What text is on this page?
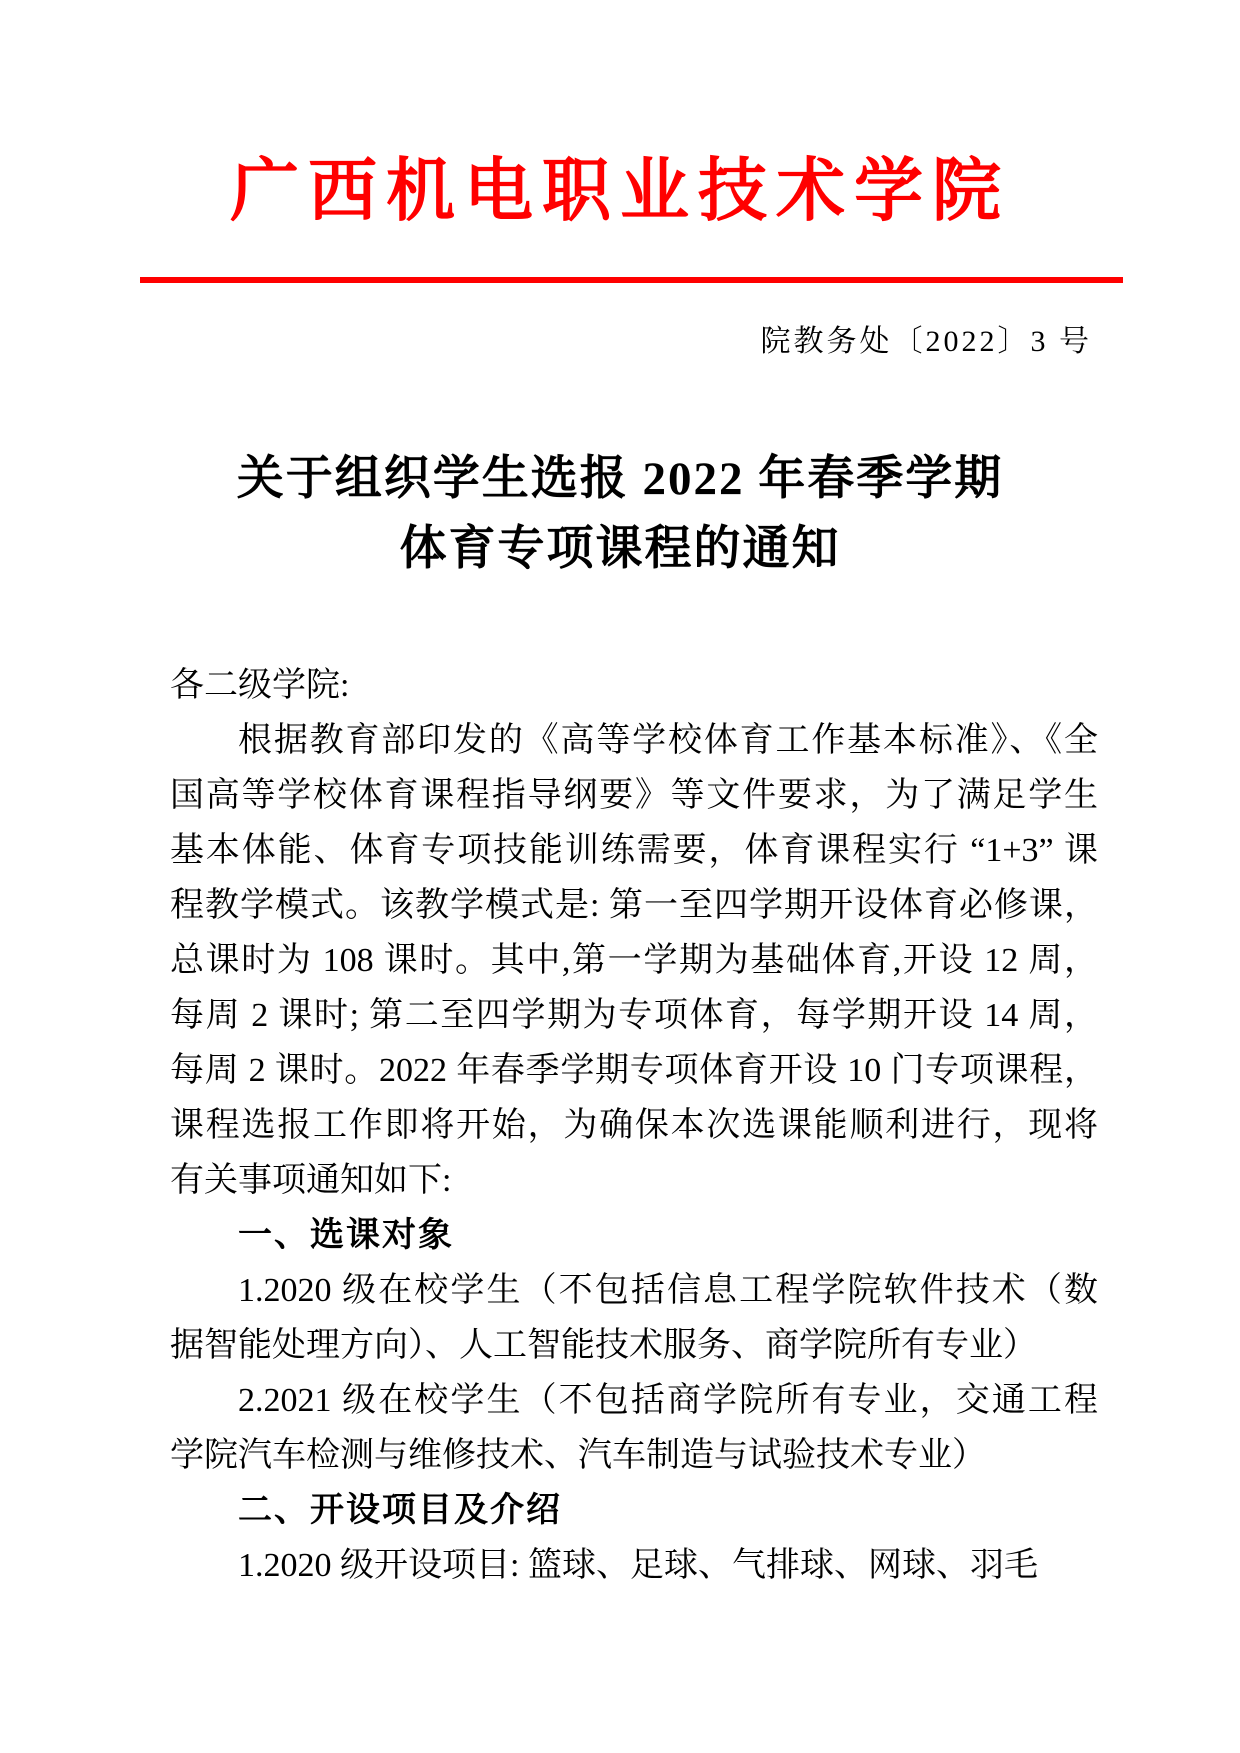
广西机电职业技术学院
院教务处〔2022〕3 号
关于组织学生选报 2022 年春季学期
体育专项课程的通知
各二级学院:
根据教育部印发的《高等学校体育工作基本标准》、《全
国高等学校体育课程指导纲要》等文件要求，为了满足学生
基本体能、体育专项技能训练需要，体育课程实行 “1+3” 课
程教学模式。该教学模式是: 第一至四学期开设体育必修课，
总课时为 108 课时。其中,第一学期为基础体育,开设 12 周，
每周 2 课时; 第二至四学期为专项体育，每学期开设 14 周，
每周 2 课时。2022 年春季学期专项体育开设 10 门专项课程，
课程选报工作即将开始，为确保本次选课能顺利进行，现将
有关事项通知如下:
一、选课对象
1.2020 级在校学生（不包括信息工程学院软件技术（数
据智能处理方向）、人工智能技术服务、商学院所有专业）
2.2021 级在校学生（不包括商学院所有专业，交通工程
学院汽车检测与维修技术、汽车制造与试验技术专业）
二、开设项目及介绍
1.2020 级开设项目: 篮球、足球、气排球、网球、羽毛
